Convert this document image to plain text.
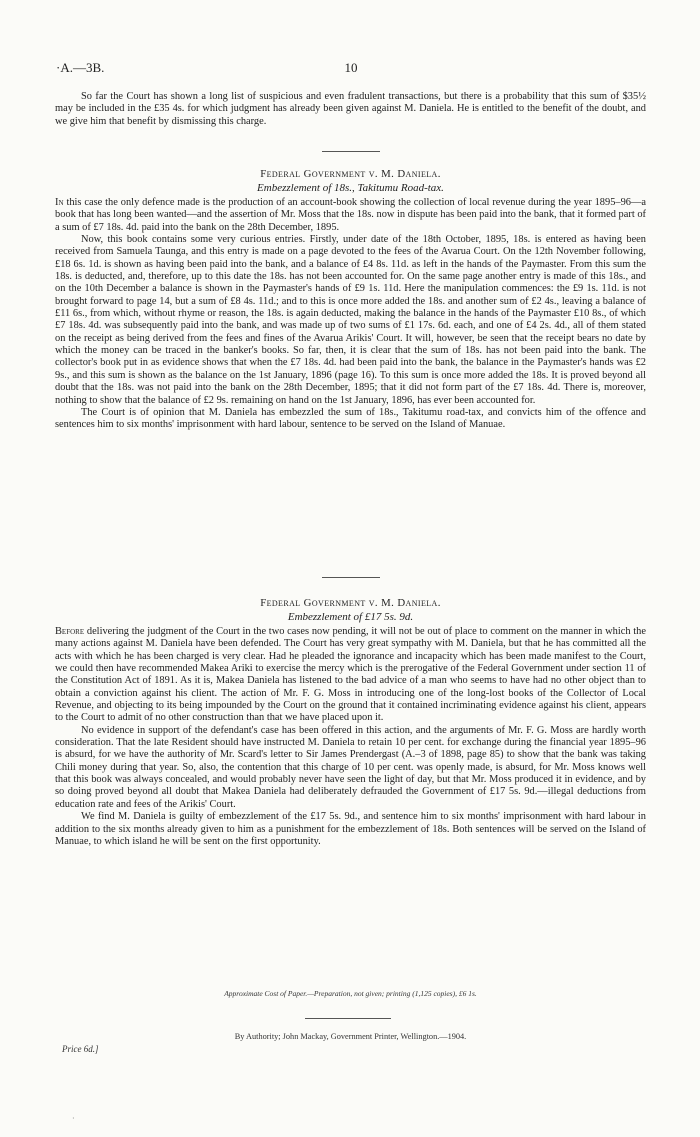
·A.—3B.	10

So far the Court has shown a long list of suspicious and even fradulent transactions, but there is a probability that this sum of $35½ may be included in the £35 4s. for which judgment has already been given against M. Daniela. He is entitled to the benefit of the doubt, and we give him that benefit by dismissing this charge.

Federal Government v. M. Daniela.

Embezzlement of 18s., Takitumu Road-tax.

In this case the only defence made is the production of an account-book showing the collection of local revenue during the year 1895–96—a book that has long been wanted—and the assertion of Mr. Moss that the 18s. now in dispute has been paid into the bank, that it formed part of a sum of £7 18s. 4d. paid into the bank on the 28th December, 1895.

Now, this book contains some very curious entries. Firstly, under date of the 18th October, 1895, 18s. is entered as having been received from Samuela Taunga, and this entry is made on a page devoted to the fees of the Avarua Court. On the 12th November following, £18 6s. 1d. is shown as having been paid into the bank, and a balance of £4 8s. 11d. as left in the hands of the Paymaster. From this sum the 18s. is deducted, and, therefore, up to this date the 18s. has not been accounted for. On the same page another entry is made of this 18s., and on the 10th December a balance is shown in the Paymaster's hands of £9 1s. 11d. Here the manipulation commences: the £9 1s. 11d. is not brought forward to page 14, but a sum of £8 4s. 11d.; and to this is once more added the 18s. and another sum of £2 4s., leaving a balance of £11 6s., from which, without rhyme or reason, the 18s. is again deducted, making the balance in the hands of the Paymaster £10 8s., of which £7 18s. 4d. was subsequently paid into the bank, and was made up of two sums of £1 17s. 6d. each, and one of £4 2s. 4d., all of them stated on the receipt as being derived from the fees and fines of the Avarua Arikis' Court. It will, however, be seen that the receipt bears no date by which the money can be traced in the banker's books. So far, then, it is clear that the sum of 18s. has not been paid into the bank. The collector's book put in as evidence shows that when the £7 18s. 4d. had been paid into the bank, the balance in the Paymaster's hands was £2 9s., and this sum is shown as the balance on the 1st January, 1896 (page 16). To this sum is once more added the 18s. It is proved beyond all doubt that the 18s. was not paid into the bank on the 28th December, 1895; that it did not form part of the £7 18s. 4d. There is, moreover, nothing to show that the balance of £2 9s. remaining on hand on the 1st January, 1896, has ever been accounted for.

The Court is of opinion that M. Daniela has embezzled the sum of 18s., Takitumu road-tax, and convicts him of the offence and sentences him to six months' imprisonment with hard labour, sentence to be served on the Island of Manuae.

Federal Government v. M. Daniela.

Embezzlement of £17 5s. 9d.

Before delivering the judgment of the Court in the two cases now pending, it will not be out of place to comment on the manner in which the many actions against M. Daniela have been defended. The Court has very great sympathy with M. Daniela, but that he has committed all the acts with which he has been charged is very clear. Had he pleaded the ignorance and incapacity which has been made manifest to the Court, we could then have recommended Makea Ariki to exercise the mercy which is the prerogative of the Federal Government under section 11 of the Constitution Act of 1891. As it is, Makea Daniela has listened to the bad advice of a man who seems to have had no other object than to obtain a conviction against his client. The action of Mr. F. G. Moss in introducing one of the long-lost books of the Collector of Local Revenue, and objecting to its being impounded by the Court on the ground that it contained incriminating evidence against his client, appears to the Court to admit of no other construction than that we have placed upon it.

No evidence in support of the defendant's case has been offered in this action, and the arguments of Mr. F. G. Moss are hardly worth consideration. That the late Resident should have instructed M. Daniela to retain 10 per cent. for exchange during the financial year 1895–96 is absurd, for we have the authority of Mr. Scard's letter to Sir James Prendergast (A.–3 of 1898, page 85) to show that the bank was taking Chili money during that year. So, also, the contention that this charge of 10 per cent. was openly made, is absurd, for Mr. Moss knows well that this book was always concealed, and would probably never have seen the light of day, but that Mr. Moss produced it in evidence, and by so doing proved beyond all doubt that Makea Daniela had deliberately defrauded the Government of £17 5s. 9d.—illegal deductions from education rate and fees of the Arikis' Court.

We find M. Daniela is guilty of embezzlement of the £17 5s. 9d., and sentence him to six months' imprisonment with hard labour in addition to the six months already given to him as a punishment for the embezzlement of 18s. Both sentences will be served on the Island of Manuae, to which island he will be sent on the first opportunity.

Approximate Cost of Paper.—Preparation, not given; printing (1,125 copies), £6 1s.
By Authority; John Mackay, Government Printer, Wellington.—1904.
Price 6d.]
·
